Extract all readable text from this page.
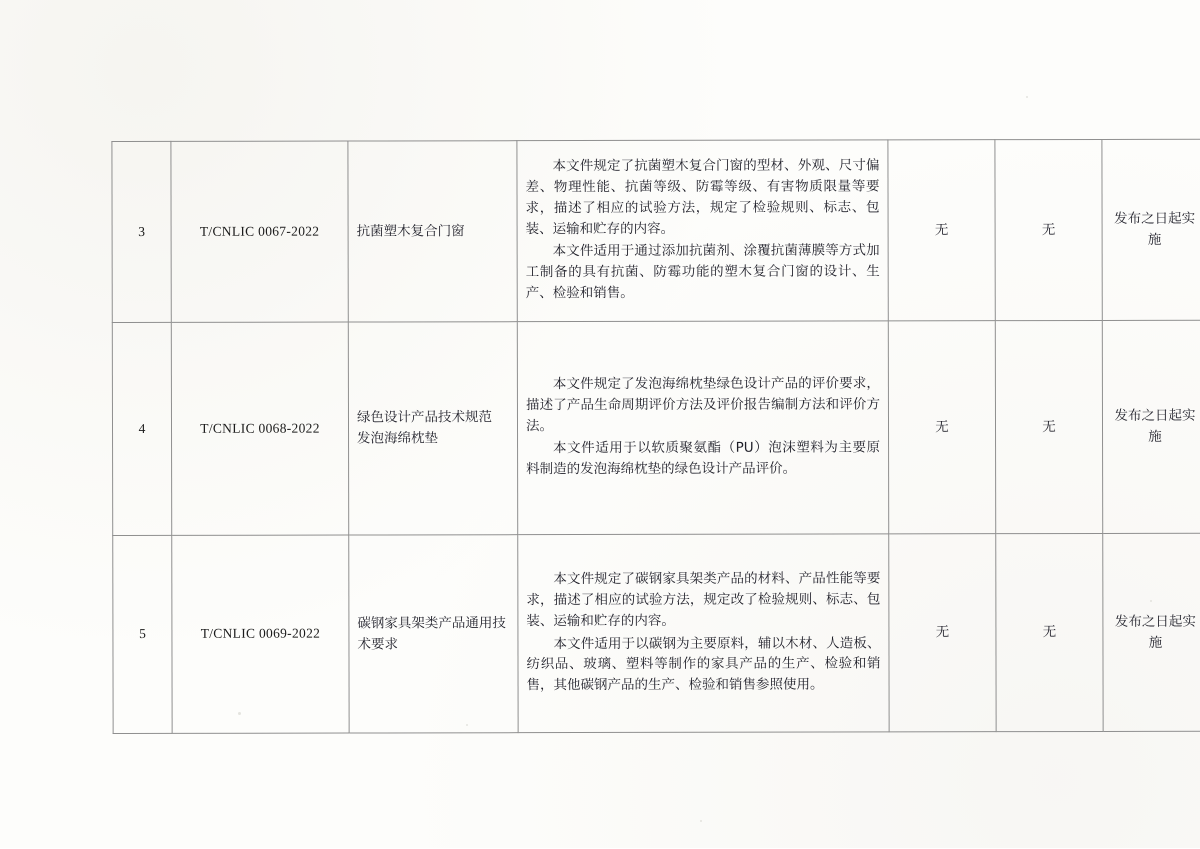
3	T/CNLIC 0067-2022	抗菌塑木复合门窗	本文件规定了抗菌塑木复合门窗的型材、外观、尺寸偏差、物理性能、抗菌等级、防霉等级、有害物质限量等要求，描述了相应的试验方法，规定了检验规则、标志、包装、运输和贮存的内容。

本文件适用于通过添加抗菌剂、涂覆抗菌薄膜等方式加工制备的具有抗菌、防霉功能的塑木复合门窗的设计、生产、检验和销售。	无	无	发布之日起实施
4	T/CNLIC 0068-2022	绿色设计产品技术规范 发泡海绵枕垫	本文件规定了发泡海绵枕垫绿色设计产品的评价要求，描述了产品生命周期评价方法及评价报告编制方法和评价方法。

本文件适用于以软质聚氨酯（PU）泡沫塑料为主要原料制造的发泡海绵枕垫的绿色设计产品评价。	无	无	发布之日起实施
5	T/CNLIC 0069-2022	碳钢家具架类产品通用技术要求	本文件规定了碳钢家具架类产品的材料、产品性能等要求，描述了相应的试验方法，规定改了检验规则、标志、包装、运输和贮存的内容。

本文件适用于以碳钢为主要原料，辅以木材、人造板、纺织品、玻璃、塑料等制作的家具产品的生产、检验和销售，其他碳钢产品的生产、检验和销售参照使用。	无	无	发布之日起实施
